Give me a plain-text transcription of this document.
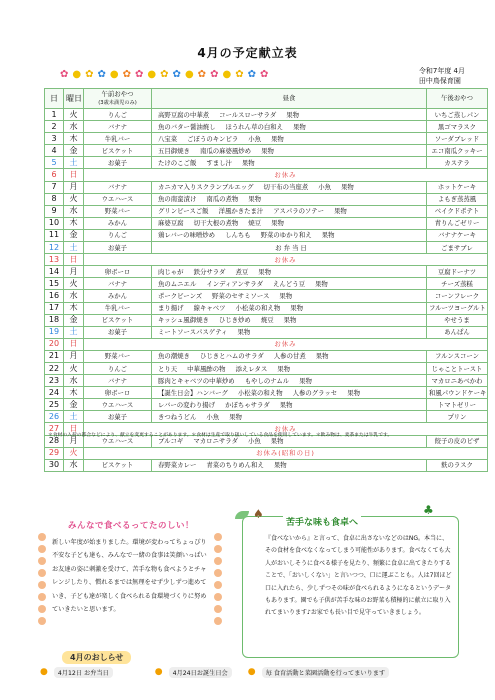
4月の予定献立表
✿ ● ✿ ✿ ● ✿ ✿ ● ✿ ✿ ● ✿ ✿ ● ✿ ✿ ✿	令和7年度 4月
田中鳥保育園
日	曜日	午前おやつ
(3歳未満児のみ)	昼食	午後おやつ
1	火	りんご	高野豆腐の中華煮 コールスローサラダ 果物	いちご蒸しパン
2	水	バナナ	魚のバター醤油焼し ほうれん草の白和え 果物	黒ゴマラスク
3	木	牛乳バー	八宝菜 ごぼうのキンピラ 小魚 果物	ソーダブレッド
4	金	ビスケット	五目御焼き 南瓜の麻婆風炒め 果物	エコ南瓜クッキー
5	土	お菓子	たけのこご飯 すまし汁 果物	カステラ
6	日	お休み		
7	月	バナナ	カニカマ入りスクランブルエッグ 切干布の当座煮 小魚 果物	ホットケーキ
8	火	ウエハース	魚の南蛮漬け 南瓜の煮物 果物	よもぎ蒸蒸風
9	水	野菜バー	グリンピースご飯 洋風かきたま汁 アスパラのソテー 果物	ベイクドポテト
10	木	みかん	麻婆豆腐 切干大根の煮物 焼豆 果物	青りんごゼリー
11	金	りんご	鶏レバーの味噌炒め しんちも 野菜のゆかり和え 果物	バナナケーキ
12	土	お菓子	お 弁 当 日	ごまサブレ
13	日	お休み		
14	月	卵ボーロ	肉じゃが 鉄分サラダ 煮豆 果物	豆腐ドーナツ
15	火	バナナ	魚のムニエル インディアンサラダ えんどう豆 果物	チーズ蒸糕
16	水	みかん	ポークビーンズ 野菜のセサミソース 果物	コーンフレーク
17	木	牛乳バー	まり揚げ 線キャベツ 小松菜の和え物 果物	フルーツヨーグルト
18	金	ビスケット	キッシュ風御焼き ひじき炒め 焼豆 果物	やせうま
19	土	お菓子	ミートソースパスゲティ 果物	あんぱん
20	日	お休み		
21	月	野菜バー	魚の潮焼き ひじきとハムのサラダ 人参の甘煮 果物	フルンスコーン
22	火	りんご	とり天 中華風酢の物 添えレタス 果物	じゃことトースト
23	水	バナナ	豚肉とキャベツの中華炒め もやしのナムル 果物	マカロニあべかわ
24	木	卵ボーロ	【誕生日会】ハンバーグ 小松菜の和え物 人参のグラッセ 果物	和風パウンドケーキ
25	金	ウエハース	レバーの変わり揚げ かぼちゃサラダ 果物	トマトゼリー
26	土	お菓子	きつねうどん 小魚 果物	プリン
27	日	お休み		
28	月	ウエハース	ブルコギ マカロニサラダ 小魚 果物	餃子の皮のピザ
29	火	お休み(昭和の日)		
30	水	ビスケット	春野菜カレー 青菜のちりめん和え 果物	麩のラスク
＊食材の入荷の都合などにより、献立を変更することがあります。＊食材は生産で取り扱いしている食品を使用しています。＊飲み物は、麦茶または牛乳です。
みんなで食べるってたのしい！

新しい年度が始まりました。環境が変わってちょっぴり不安な子ども達も、みんなで一緒の食事は笑顔いっぱいお友達の姿に刺激を受けて、苦手な物も食べようとチャレンジしたり、慣れるまでは無理をせず少しずつ進めていき、子ども達が楽しく食べられる食環境づくりに努めていきたいと思います。

♠	♣
苦手な味も食卓へ

『食べないから』と言って、食卓に出さないなどのはNG。本当に、その食材を食べなくなってしまう可能性があります。食べなくても大人がおいしそうに食べる様子を見たり、頻繁に食卓に出てきたりすることで、「おいしくない」と言いつつ、口に運ぶことも。人は7回ほど口に入れたら、少しずつその味が食べられるようになるというデータもあります。園でも子供が苦手な味のお野菜も積極的に献立に取り入れてまいります♪お家でも長い目で見守っていきましょう。

4月のおしらせ
●	4月12日 お弁当日	●	4月24日お誕生日会	●	毎 食育活動と菜園活動を行ってまいります
